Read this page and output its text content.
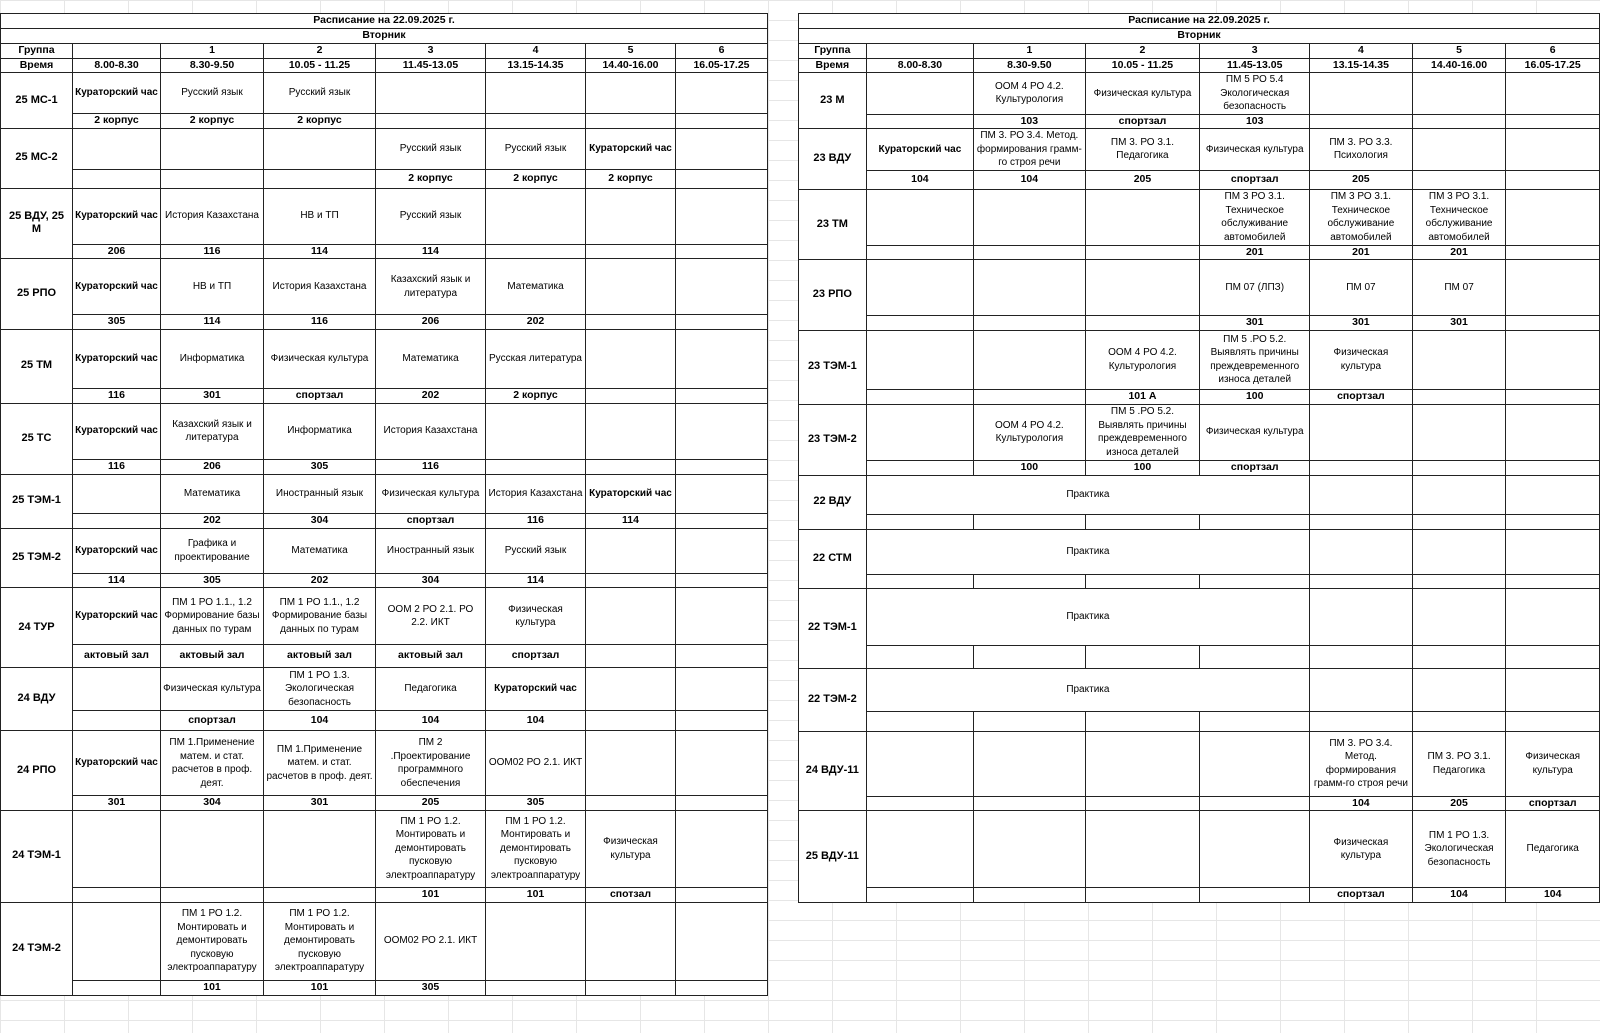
Расписание на 22.09.2025 г.							
Вторник							
Группа		1	2	3	4	5	6
Время	8.00-8.30	8.30-9.50	10.05 - 11.25	11.45-13.05	13.15-14.35	14.40-16.00	16.05-17.25
25 МС-1	Кураторский час	Русский язык	Русский язык				
	2 корпус	2 корпус	2 корпус				
25 МС-2				Русский язык	Русский язык	Кураторский час	
				2 корпус	2 корпус	2 корпус	
25 ВДУ, 25 М	Кураторский час	История Казахстана	НВ и ТП	Русский язык			
	206	116	114	114			
25 РПО	Кураторский час	НВ и ТП	История Казахстана	Казахский язык и литература	Математика		
	305	114	116	206	202		
25 ТМ	Кураторский час	Информатика	Физическая культура	Математика	Русская литература		
	116	301	спортзал	202	2 корпус		
25 ТС	Кураторский час	Казахский язык и литература	Информатика	История Казахстана			
	116	206	305	116			
25 ТЭМ-1		Математика	Иностранный язык	Физическая культура	История Казахстана	Кураторский час	
		202	304	спортзал	116	114	
25 ТЭМ-2	Кураторский час	Графика и проектирование	Математика	Иностранный язык	Русский язык		
	114	305	202	304	114		
24 ТУР	Кураторский час	ПМ 1 РО 1.1., 1.2 Формирование базы данных по турам	ПМ 1 РО 1.1., 1.2 Формирование базы данных по турам	ООМ 2 РО 2.1. РО 2.2. ИКТ	Физическая культура		
	актовый зал	актовый зал	актовый зал	актовый зал	спортзал		
24 ВДУ		Физическая культура	ПМ 1 РО 1.3. Экологическая безопасность	Педагогика	Кураторский час		
		спортзал	104	104	104		
24 РПО	Кураторский час	ПМ 1.Применение матем. и стат. расчетов в проф. деят.	ПМ 1.Применение матем. и стат. расчетов в проф. деят.	ПМ 2 .Проектирование программного обеспечения	ООМ02 РО 2.1. ИКТ		
	301	304	301	205	305		
24 ТЭМ-1				ПМ 1 РО 1.2. Монтировать и демонтировать пусковую электроаппаратуру	ПМ 1 РО 1.2. Монтировать и демонтировать пусковую электроаппаратуру	Физическая культура	
				101	101	спотзал	
24 ТЭМ-2		ПМ 1 РО 1.2. Монтировать и демонтировать пусковую электроаппаратуру	ПМ 1 РО 1.2. Монтировать и демонтировать пусковую электроаппаратуру	ООМ02 РО 2.1. ИКТ			
		101	101	305			
Расписание на 22.09.2025 г.							
Вторник							
Группа		1	2	3	4	5	6
Время	8.00-8.30	8.30-9.50	10.05 - 11.25	11.45-13.05	13.15-14.35	14.40-16.00	16.05-17.25
23 М		ООМ 4 РО 4.2. Культурология	Физическая культура	ПМ 5 РО 5.4 Экологическая безопасность			
		103	спортзал	103			
23 ВДУ	Кураторский час	ПМ 3. РО 3.4. Метод. формирования грамм-го строя речи	ПМ 3. РО 3.1. Педагогика	Физическая культура	ПМ 3. РО 3.3. Психология		
	104	104	205	спортзал	205		
23 ТМ				ПМ 3 РО 3.1. Техническое обслуживание автомобилей	ПМ 3 РО 3.1. Техническое обслуживание автомобилей	ПМ 3 РО 3.1. Техническое обслуживание автомобилей	
				201	201	201	
23 РПО				ПМ 07 (ЛПЗ)	ПМ 07	ПМ 07	
				301	301	301	
23 ТЭМ-1			ООМ 4 РО 4.2. Культурология	ПМ 5 .РО 5.2. Выявлять причины преждевременного износа деталей	Физическая культура		
			101 А	100	спортзал		
23 ТЭМ-2		ООМ 4 РО 4.2. Культурология	ПМ 5 .РО 5.2. Выявлять причины преждевременного износа деталей	Физическая культура			
		100	100	спортзал			
22 ВДУ	Практика						

22 СТМ	Практика						

22 ТЭМ-1	Практика						

22 ТЭМ-2	Практика						

24 ВДУ-11					ПМ 3. РО 3.4. Метод. формирования грамм-го строя речи	ПМ 3. РО 3.1. Педагогика	Физическая культура
					104	205	спортзал
25 ВДУ-11					Физическая культура	ПМ 1 РО 1.3. Экологическая безопасность	Педагогика
					спортзал	104	104
